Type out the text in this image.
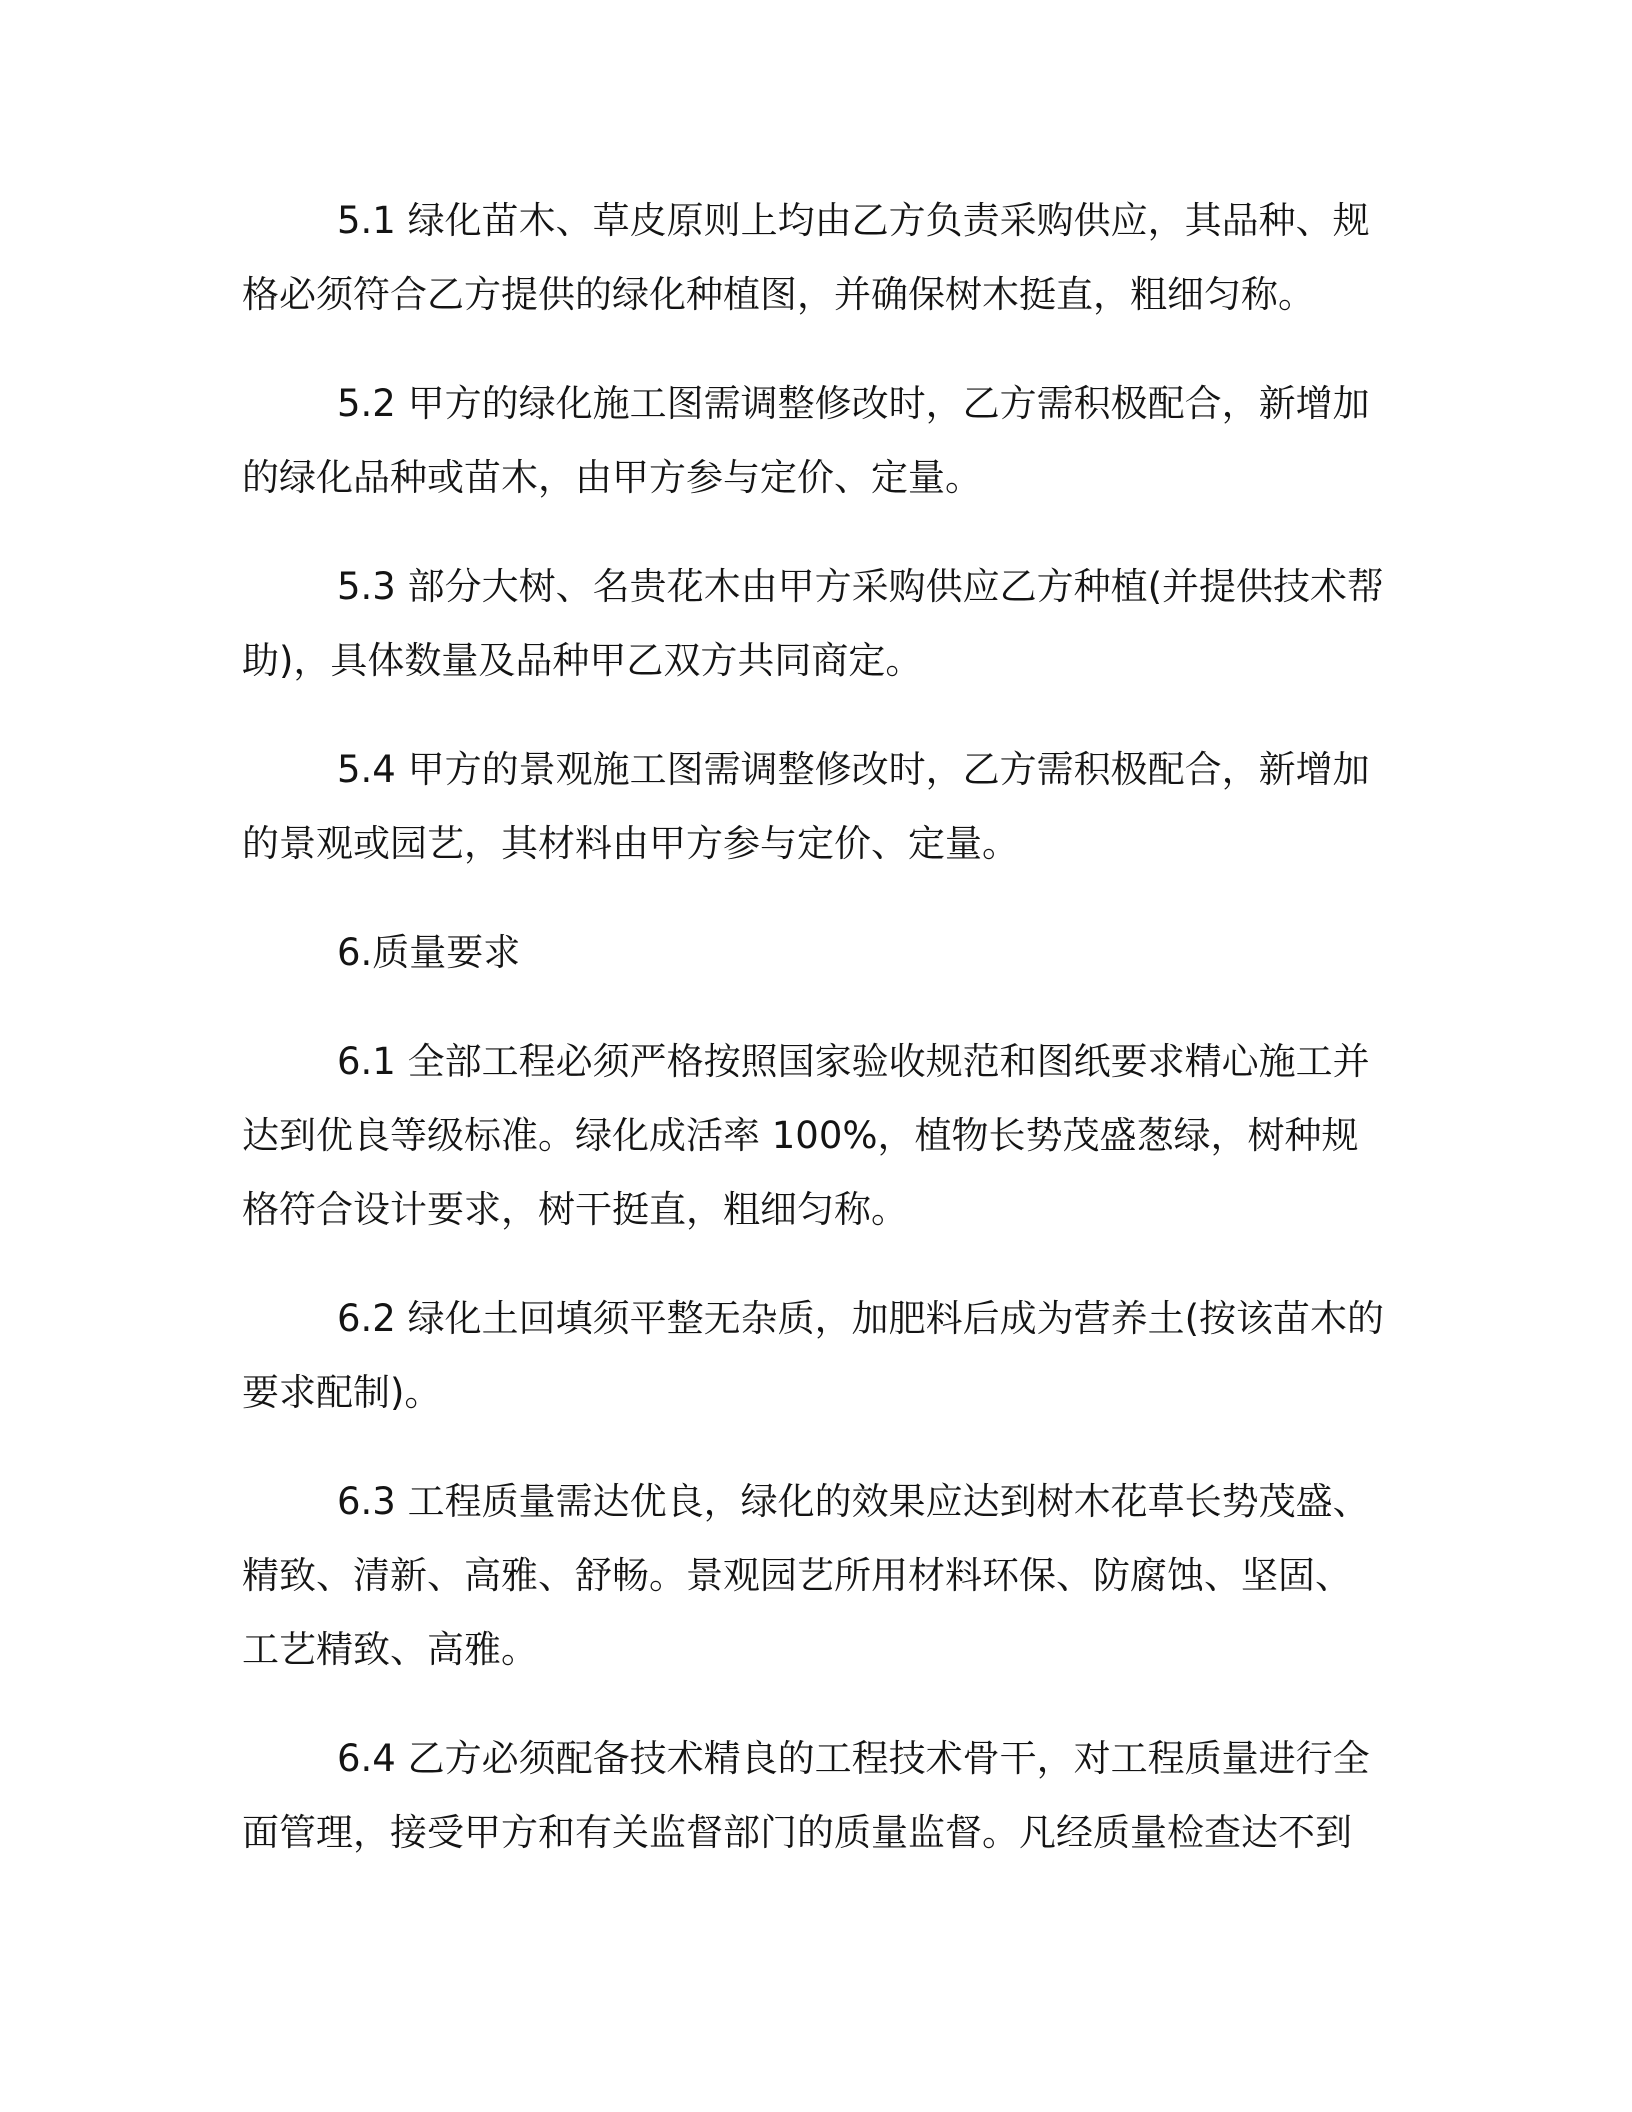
5.1 绿化苗木、草皮原则上均由乙方负责采购供应，其品种、规
格必须符合乙方提供的绿化种植图，并确保树木挺直，粗细匀称。
5.2 甲方的绿化施工图需调整修改时，乙方需积极配合，新增加
的绿化品种或苗木，由甲方参与定价、定量。
5.3 部分大树、名贵花木由甲方采购供应乙方种植(并提供技术帮
助)，具体数量及品种甲乙双方共同商定。
5.4 甲方的景观施工图需调整修改时，乙方需积极配合，新增加
的景观或园艺，其材料由甲方参与定价、定量。
6.质量要求
6.1 全部工程必须严格按照国家验收规范和图纸要求精心施工并
达到优良等级标准。绿化成活率 100%，植物长势茂盛葱绿，树种规
格符合设计要求，树干挺直，粗细匀称。
6.2 绿化土回填须平整无杂质，加肥料后成为营养土(按该苗木的
要求配制)。
6.3 工程质量需达优良，绿化的效果应达到树木花草长势茂盛、
精致、清新、高雅、舒畅。景观园艺所用材料环保、防腐蚀、坚固、
工艺精致、高雅。
6.4 乙方必须配备技术精良的工程技术骨干，对工程质量进行全
面管理，接受甲方和有关监督部门的质量监督。凡经质量检查达不到
